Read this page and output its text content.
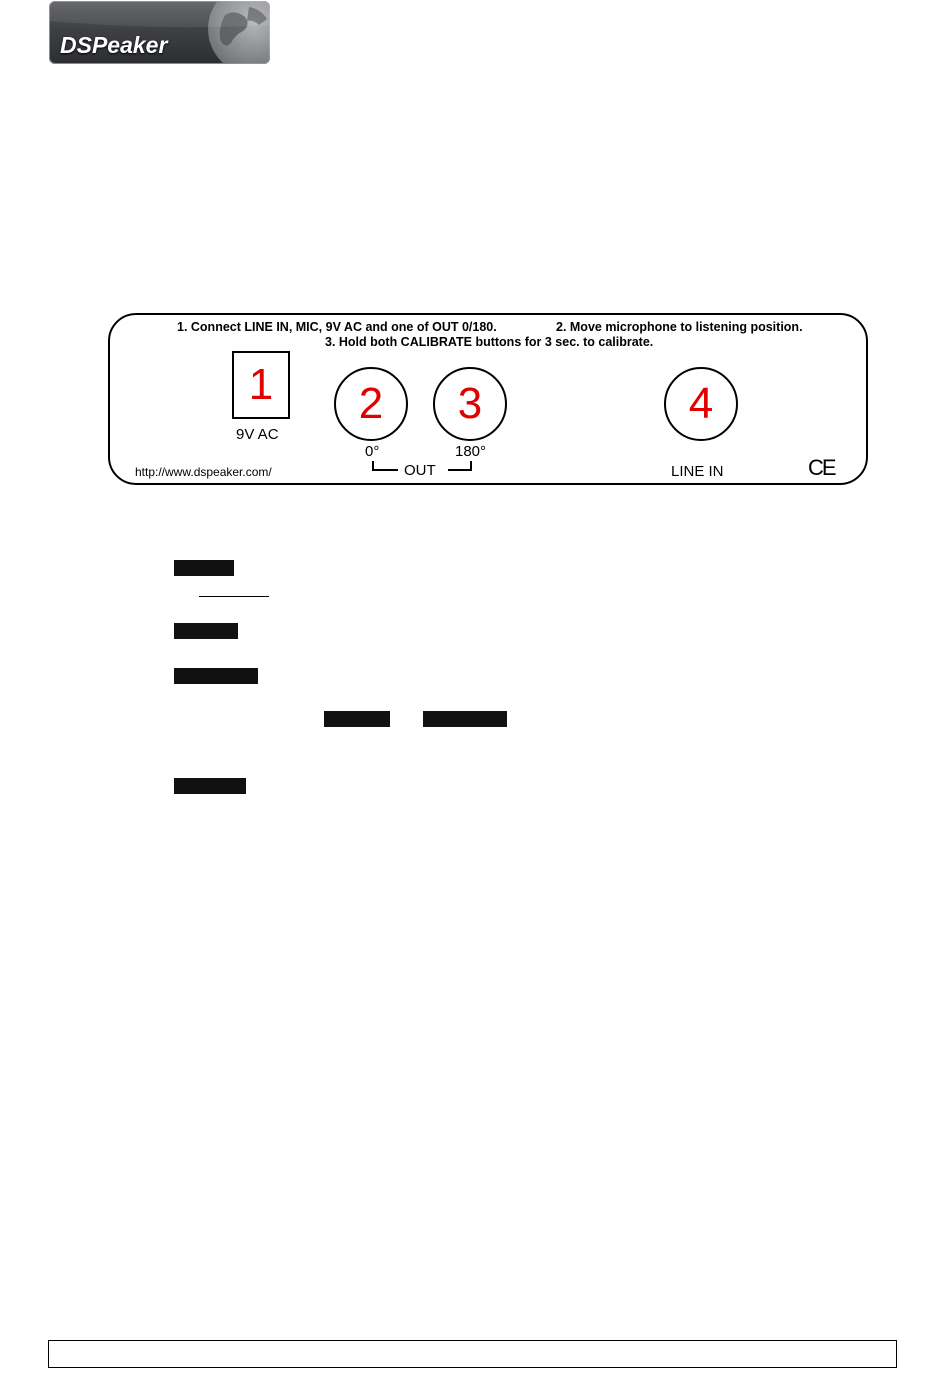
DSPeaker
1. Connect LINE IN, MIC, 9V AC and one of OUT 0/180.	2. Move microphone to listening position.
3. Hold both CALIBRATE buttons for 3 sec. to calibrate.
1
9V AC
2
0°
3
180°
OUT
4
LINE IN
http://www.dspeaker.com/	CE
